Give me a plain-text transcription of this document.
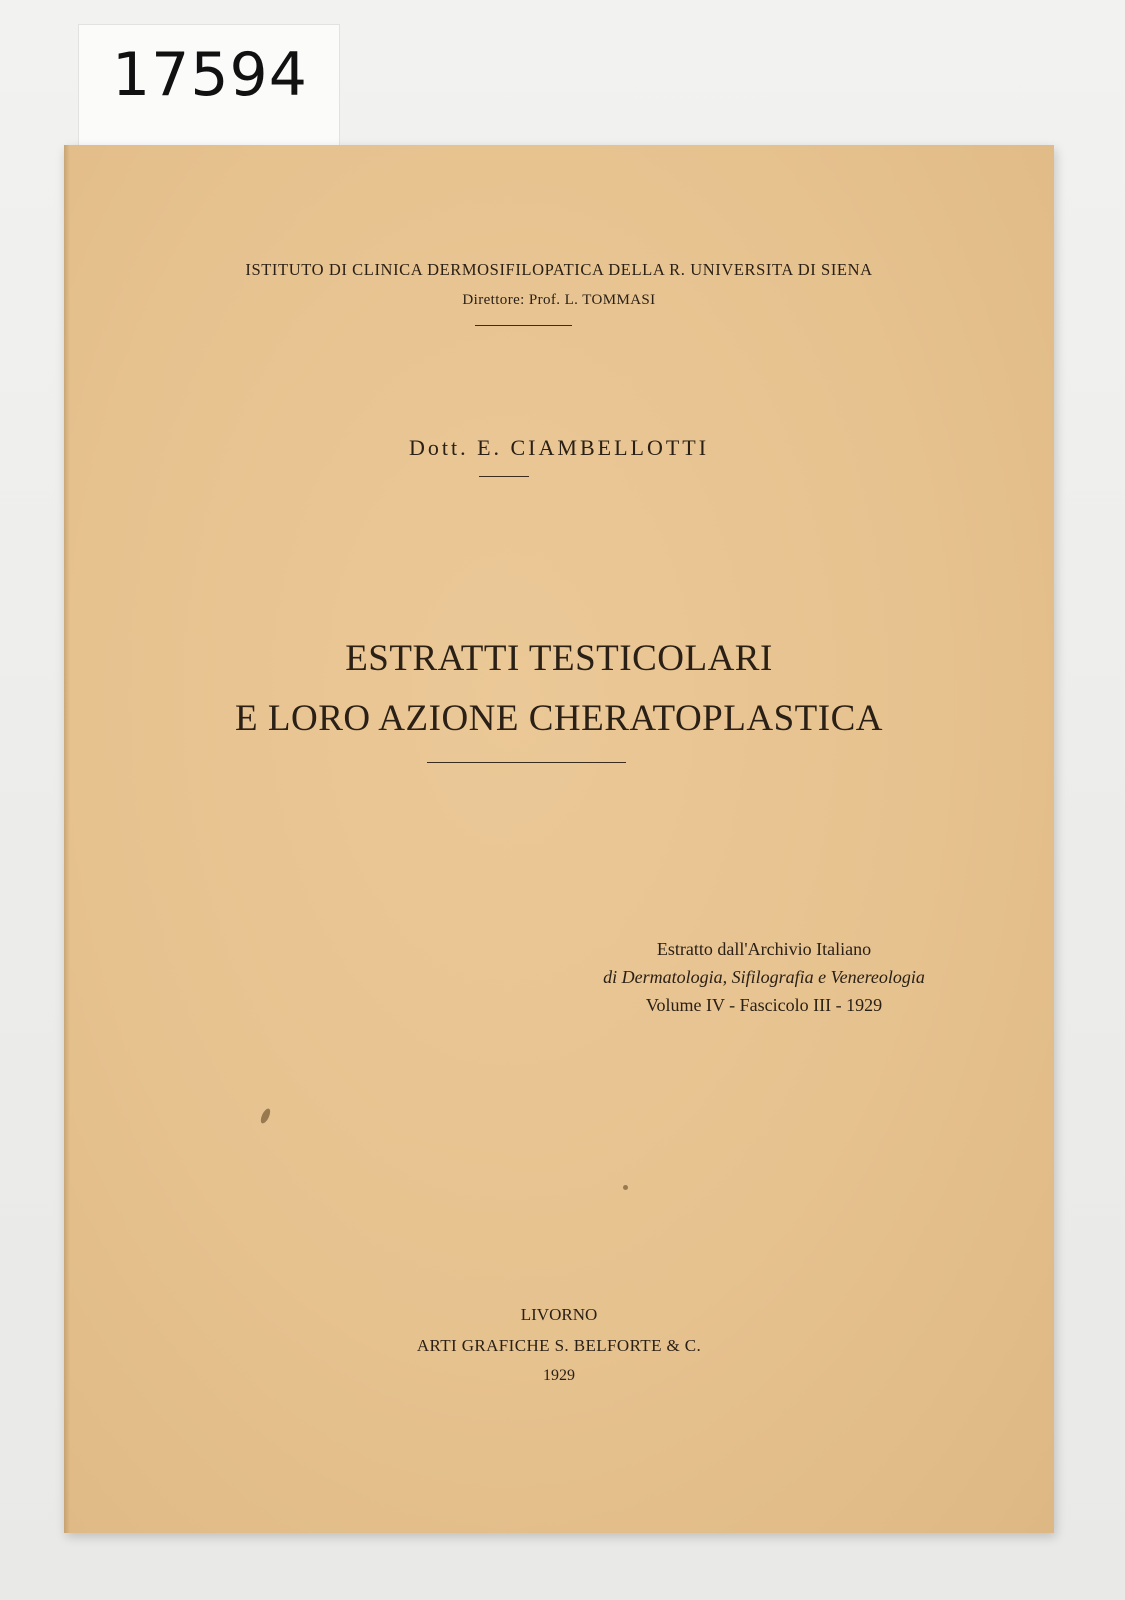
17594
ISTITUTO DI CLINICA DERMOSIFILOPATICA DELLA R. UNIVERSITA DI SIENA
Direttore: Prof. L. TOMMASI
Dott. E. CIAMBELLOTTI
ESTRATTI TESTICOLARI
E LORO AZIONE CHERATOPLASTICA
Estratto dall'Archivio Italiano
di Dermatologia, Sifilografia e Venereologia
Volume IV - Fascicolo III - 1929
LIVORNO
ARTI GRAFICHE S. BELFORTE & C.
1929
